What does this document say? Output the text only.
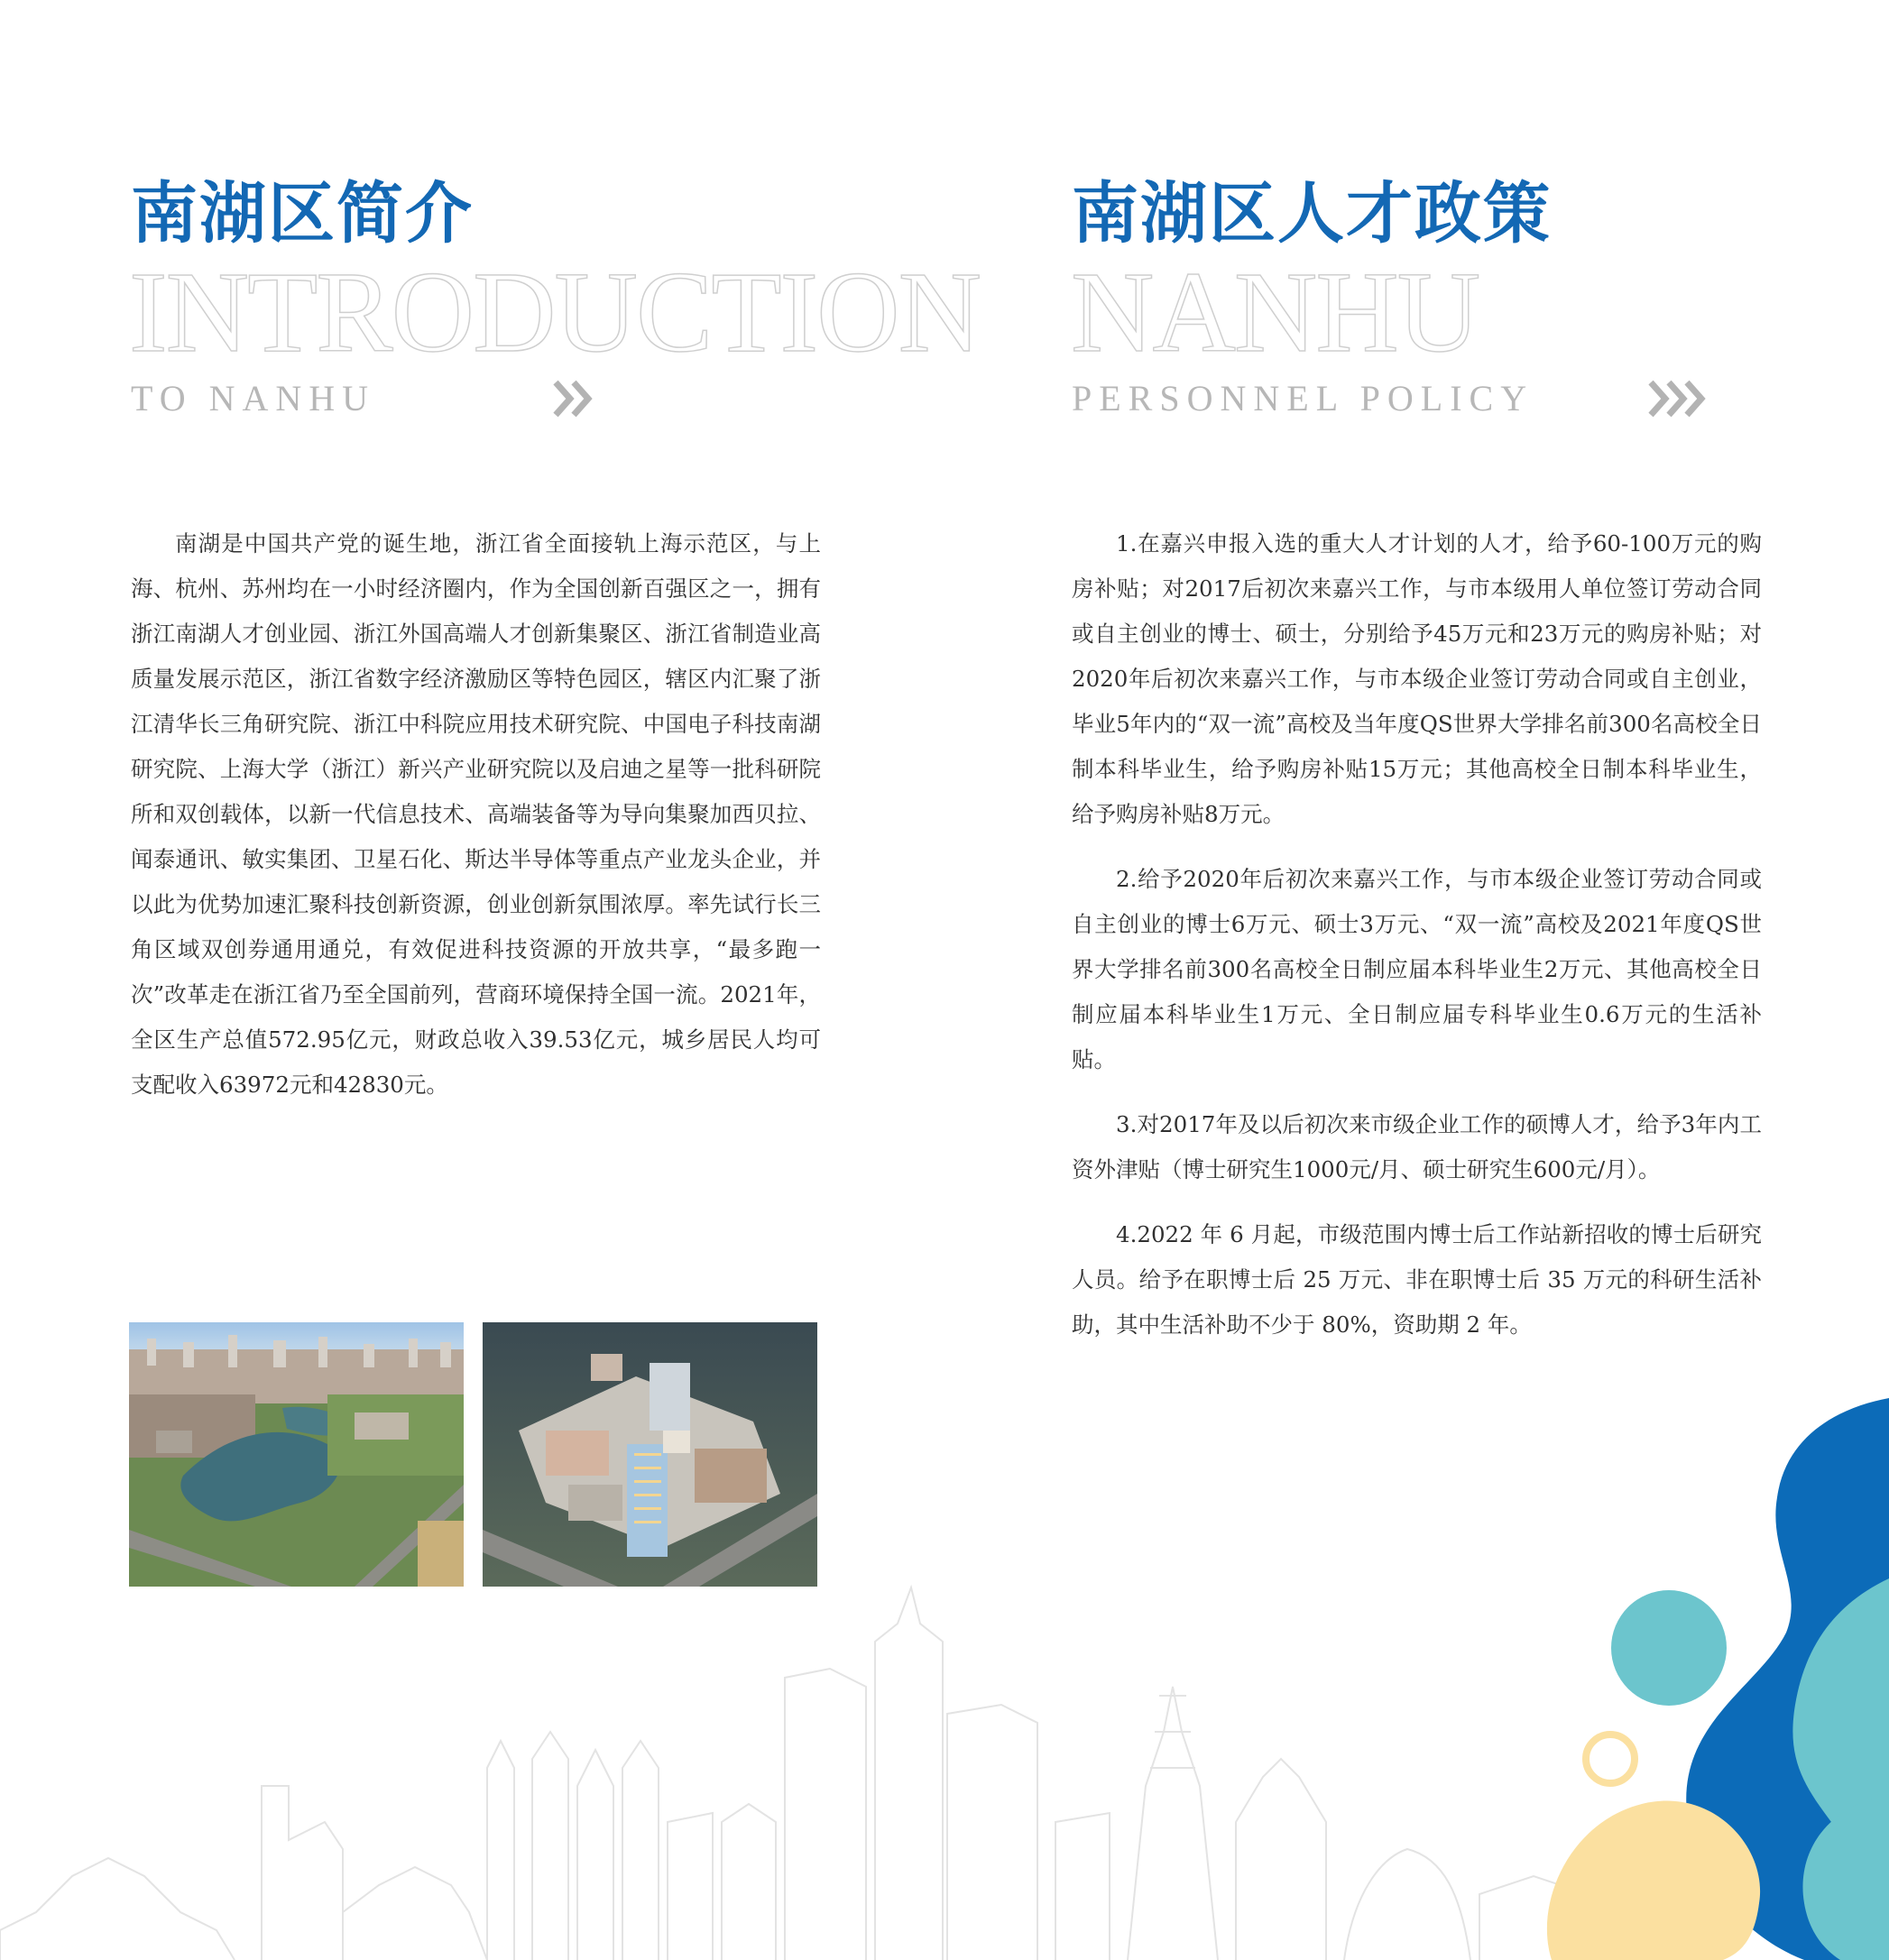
南湖区简介
INTRODUCTION
TO NANHU

南湖是中国共产党的诞生地，浙江省全面接轨上海示范区，与上海、杭州、苏州均在一小时经济圈内，作为全国创新百强区之一，拥有浙江南湖人才创业园、浙江外国高端人才创新集聚区、浙江省制造业高质量发展示范区，浙江省数字经济激励区等特色园区，辖区内汇聚了浙江清华长三角研究院、浙江中科院应用技术研究院、中国电子科技南湖研究院、上海大学（浙江）新兴产业研究院以及启迪之星等一批科研院所和双创载体，以新一代信息技术、高端装备等为导向集聚加西贝拉、闻泰通讯、敏实集团、卫星石化、斯达半导体等重点产业龙头企业，并以此为优势加速汇聚科技创新资源，创业创新氛围浓厚。率先试行长三角区域双创券通用通兑，有效促进科技资源的开放共享，“最多跑一次”改革走在浙江省乃至全国前列，营商环境保持全国一流。2021年，全区生产总值572.95亿元，财政总收入39.53亿元，城乡居民人均可支配收入63972元和42830元。

南湖区人才政策
NANHU
PERSONNEL POLICY

1.在嘉兴申报入选的重大人才计划的人才，给予60-100万元的购房补贴；对2017后初次来嘉兴工作，与市本级用人单位签订劳动合同或自主创业的博士、硕士，分别给予45万元和23万元的购房补贴；对2020年后初次来嘉兴工作，与市本级企业签订劳动合同或自主创业，毕业5年内的“双一流”高校及当年度QS世界大学排名前300名高校全日制本科毕业生，给予购房补贴15万元；其他高校全日制本科毕业生，给予购房补贴8万元。

2.给予2020年后初次来嘉兴工作，与市本级企业签订劳动合同或自主创业的博士6万元、硕士3万元、“双一流”高校及2021年度QS世界大学排名前300名高校全日制应届本科毕业生2万元、其他高校全日制应届本科毕业生1万元、全日制应届专科毕业生0.6万元的生活补贴。

3.对2017年及以后初次来市级企业工作的硕博人才，给予3年内工资外津贴（博士研究生1000元/月、硕士研究生600元/月）。

4.2022 年 6 月起，市级范围内博士后工作站新招收的博士后研究人员。给予在职博士后 25 万元、非在职博士后 35 万元的科研生活补助，其中生活补助不少于 80%，资助期 2 年。
